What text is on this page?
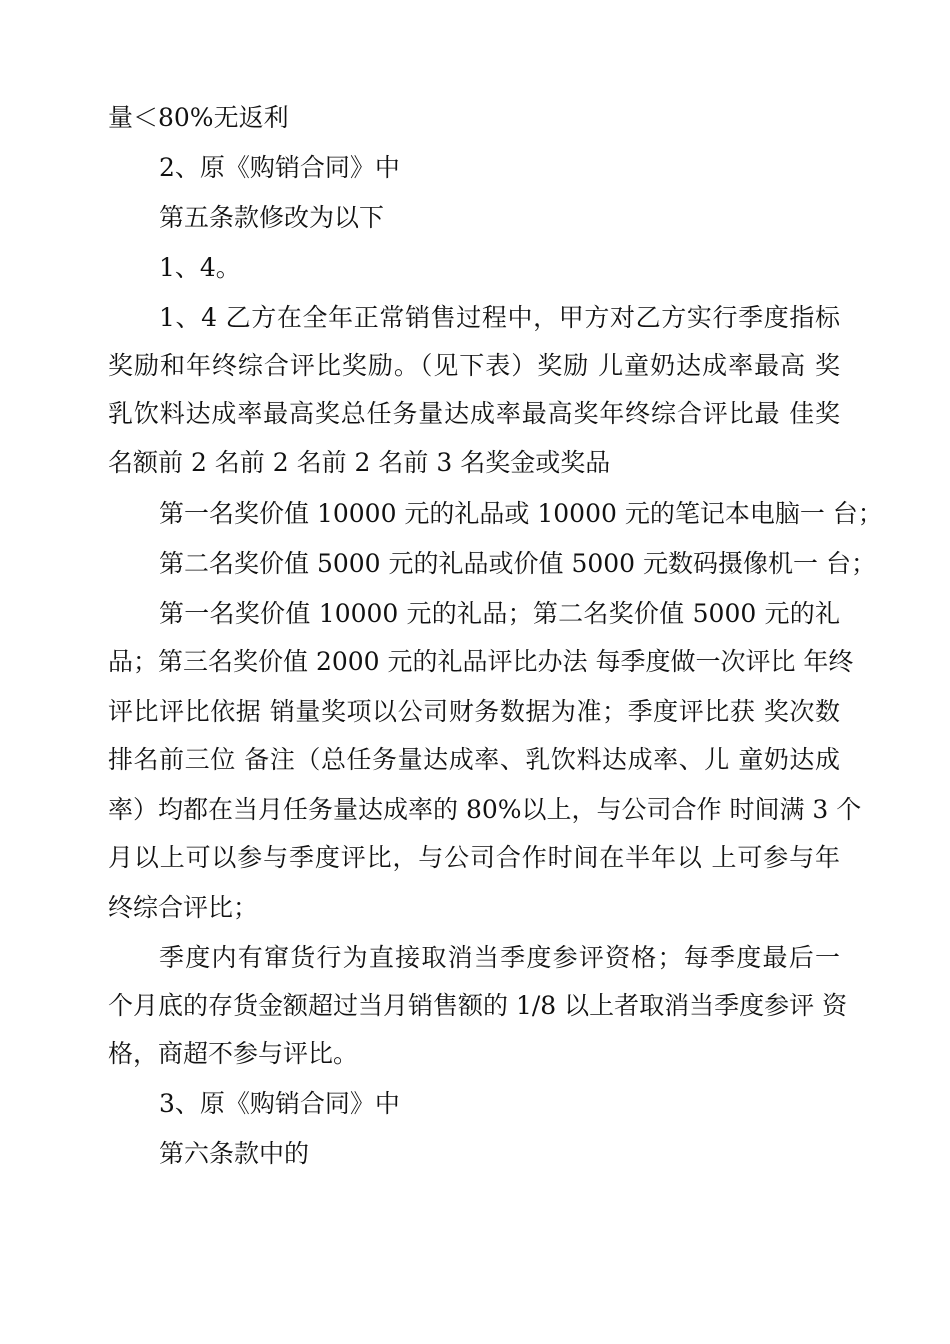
量＜80%无返利
2、原《购销合同》中
第五条款修改为以下
1、4。
1、4 乙方在全年正常销售过程中，甲方对乙方实行季度指标
奖励和年终综合评比奖励。（见下表）奖励 儿童奶达成率最高 奖
乳饮料达成率最高奖总任务量达成率最高奖年终综合评比最 佳奖
名额前 2 名前 2 名前 2 名前 3 名奖金或奖品
第一名奖价值 10000 元的礼品或 10000 元的笔记本电脑一 台；
第二名奖价值 5000 元的礼品或价值 5000 元数码摄像机一 台；
第一名奖价值 10000 元的礼品；第二名奖价值 5000 元的礼
品；第三名奖价值 2000 元的礼品评比办法 每季度做一次评比 年终
评比评比依据 销量奖项以公司财务数据为准；季度评比获 奖次数
排名前三位 备注（总任务量达成率、乳饮料达成率、儿 童奶达成
率）均都在当月任务量达成率的 80%以上，与公司合作 时间满 3 个
月以上可以参与季度评比，与公司合作时间在半年以 上可参与年
终综合评比；
季度内有窜货行为直接取消当季度参评资格；每季度最后一
个月底的存货金额超过当月销售额的 1/8 以上者取消当季度参评 资
格，商超不参与评比。
3、原《购销合同》中
第六条款中的
